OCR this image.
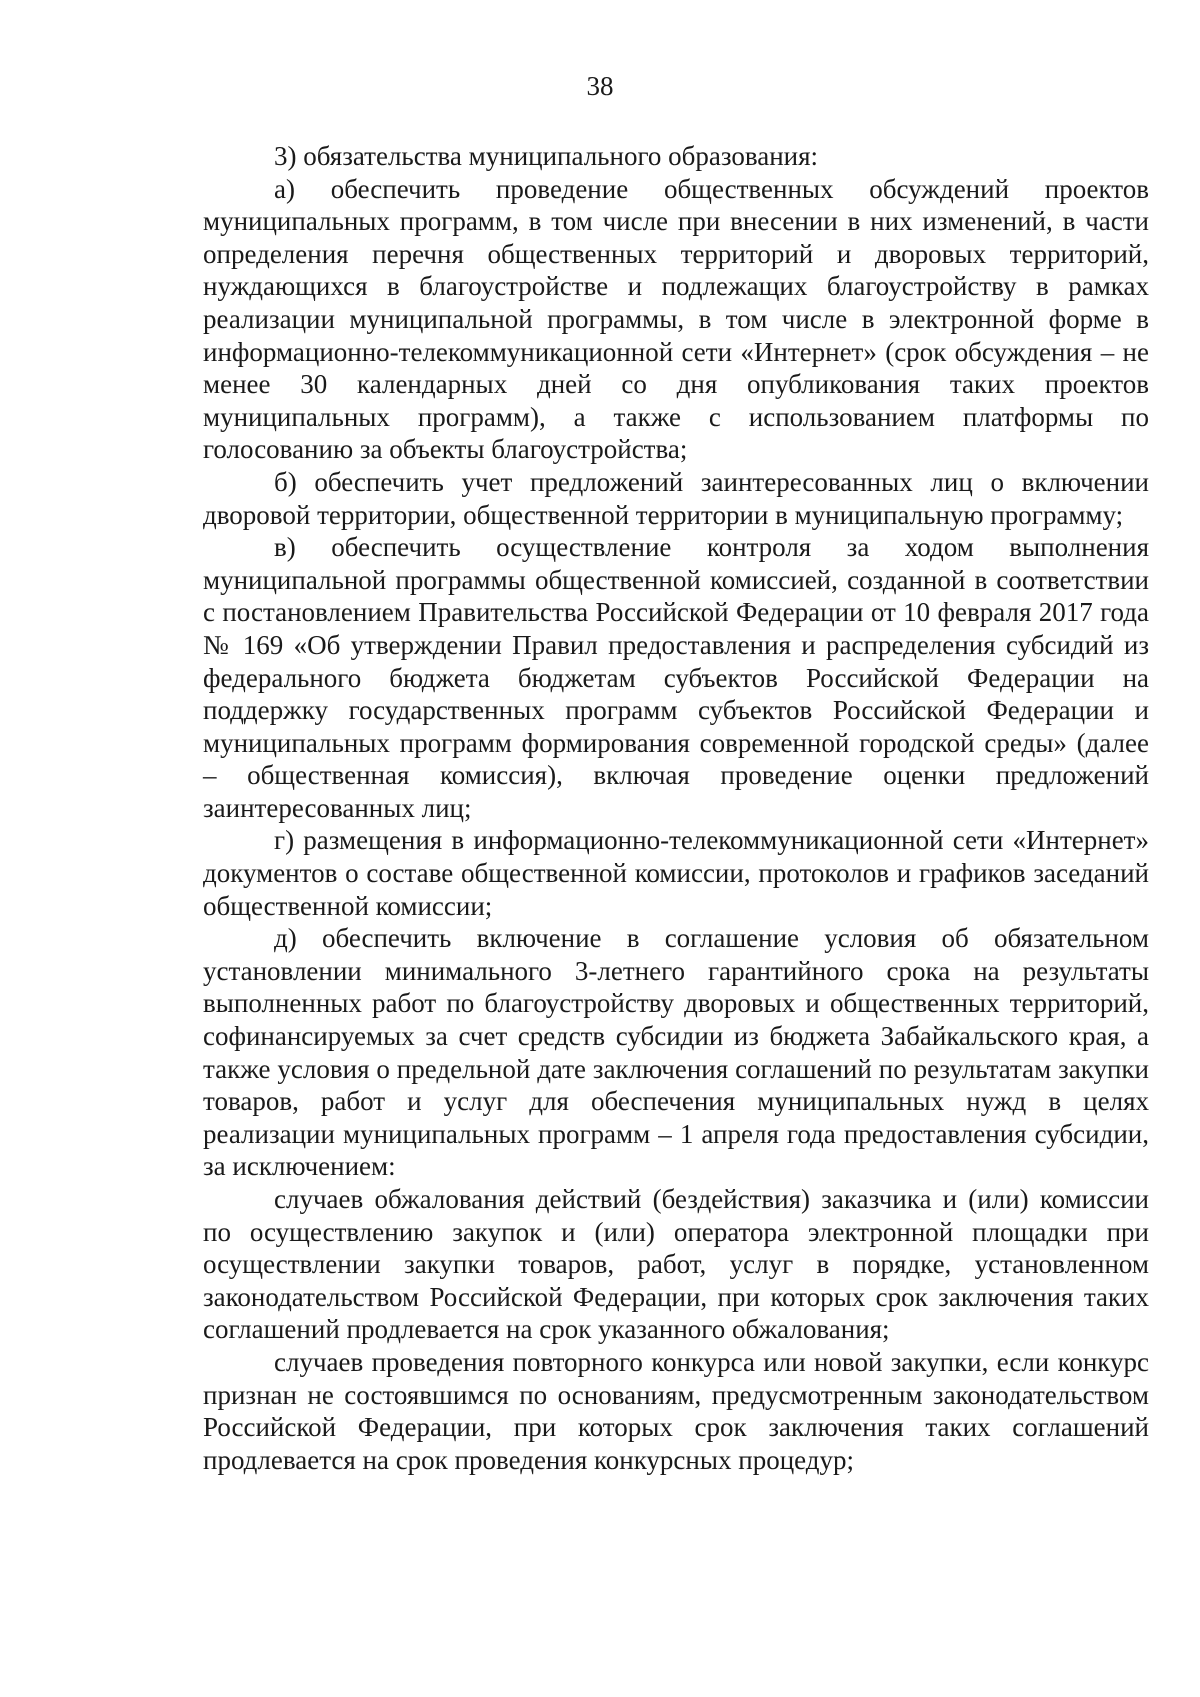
38

3) обязательства муниципального образования:

а) обеспечить проведение общественных обсуждений проектов муниципальных программ, в том числе при внесении в них изменений, в части определения перечня общественных территорий и дворовых территорий, нуждающихся в благоустройстве и подлежащих благоустройству в рамках реализации муниципальной программы, в том числе в электронной форме в информационно-телекоммуникационной сети «Интернет» (срок обсуждения – не менее 30 календарных дней со дня опубликования таких проектов муниципальных программ), а также с использованием платформы по голосованию за объекты благоустройства;

б) обеспечить учет предложений заинтересованных лиц о включении дворовой территории, общественной территории в муниципальную программу;

в) обеспечить осуществление контроля за ходом выполнения муниципальной программы общественной комиссией, созданной в соответствии с постановлением Правительства Российской Федерации от 10 февраля 2017 года № 169 «Об утверждении Правил предоставления и распределения субсидий из федерального бюджета бюджетам субъектов Российской Федерации на поддержку государственных программ субъектов Российской Федерации и муниципальных программ формирования современной городской среды» (далее – общественная комиссия), включая проведение оценки предложений заинтересованных лиц;

г) размещения в информационно-телекоммуникационной сети «Интернет» документов о составе общественной комиссии, протоколов и графиков заседаний общественной комиссии;

д) обеспечить включение в соглашение условия об обязательном установлении минимального 3-летнего гарантийного срока на результаты выполненных работ по благоустройству дворовых и общественных территорий, софинансируемых за счет средств субсидии из бюджета Забайкальского края, а также условия о предельной дате заключения соглашений по результатам закупки товаров, работ и услуг для обеспечения муниципальных нужд в целях реализации муниципальных программ – 1 апреля года предоставления субсидии, за исключением:

случаев обжалования действий (бездействия) заказчика и (или) комиссии по осуществлению закупок и (или) оператора электронной площадки при осуществлении закупки товаров, работ, услуг в порядке, установленном законодательством Российской Федерации, при которых срок заключения таких соглашений продлевается на срок указанного обжалования;

случаев проведения повторного конкурса или новой закупки, если конкурс признан не состоявшимся по основаниям, предусмотренным законодательством Российской Федерации, при которых срок заключения таких соглашений продлевается на срок проведения конкурсных процедур;
